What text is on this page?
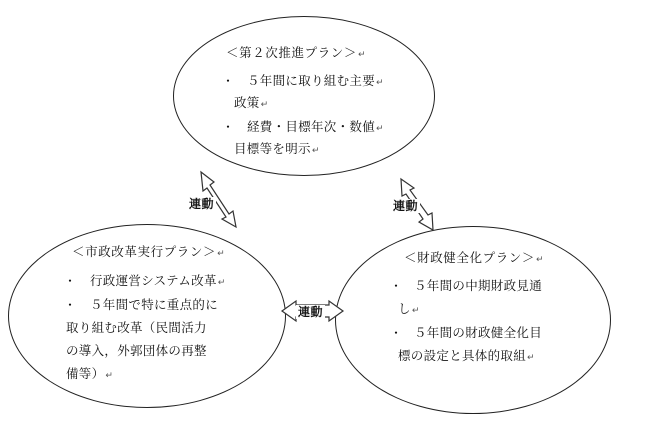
連動	連動
連動
＜第２次推進プラン＞↵
・ ５年間に取り組む主要↵
政策↵
・ 経費・目標年次・数値↵
目標等を明示↵
＜市政改革実行プラン＞↵
・ 行政運営システム改革↵
・ ５年間で特に重点的に
取り組む改革（民間活力
の導入，外郭団体の再整
備等）↵
＜財政健全化プラン＞↵
・ ５年間の中期財政見通
し↵
・ ５年間の財政健全化目
標の設定と具体的取組↵
